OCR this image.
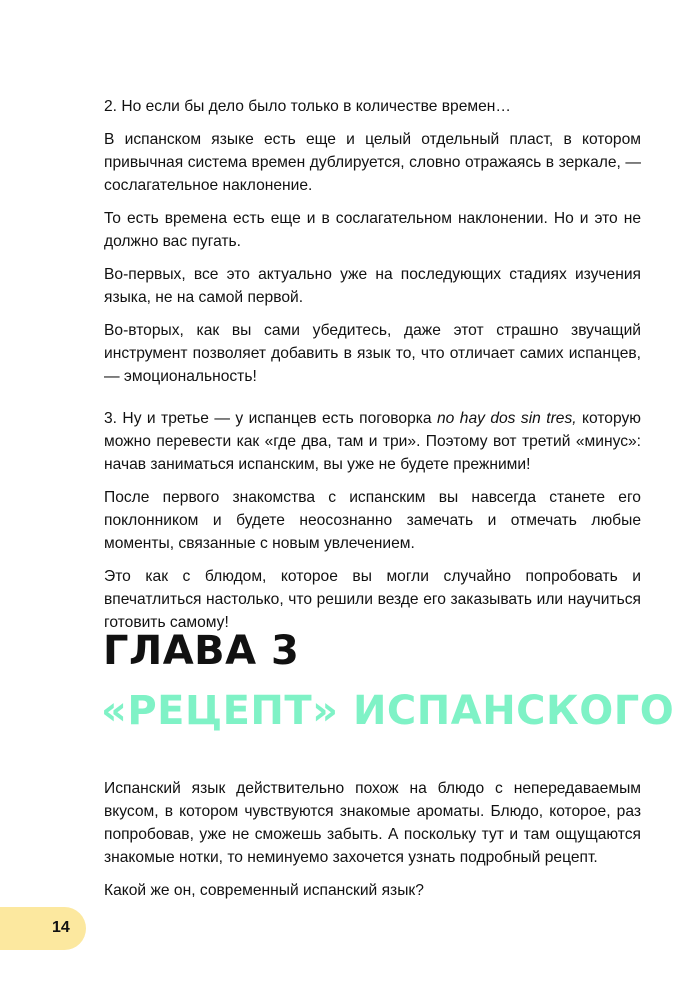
2. Но если бы дело было только в количестве времен…

В испанском языке есть еще и целый отдельный пласт, в котором привычная система времен дублируется, словно отражаясь в зеркале, — сослагательное наклонение.

То есть времена есть еще и в сослагательном наклонении. Но и это не должно вас пугать.

Во-первых, все это актуально уже на последующих стадиях изучения языка, не на самой первой.

Во-вторых, как вы сами убедитесь, даже этот страшно звучащий инструмент позволяет добавить в язык то, что отличает самих испанцев, — эмоциональность!

3. Ну и третье — у испанцев есть поговорка no hay dos sin tres, которую можно перевести как «где два, там и три». Поэтому вот третий «минус»: начав заниматься испанским, вы уже не будете прежними!

После первого знакомства с испанским вы навсегда станете его поклонником и будете неосознанно замечать и отмечать любые моменты, связанные с новым увлечением.

Это как с блюдом, которое вы могли случайно попробовать и впечатлиться настолько, что решили везде его заказывать или научиться готовить самому!

ГЛАВА 3
«РЕЦЕПТ» ИСПАНСКОГО

Испанский язык действительно похож на блюдо с непередаваемым вкусом, в котором чувствуются знакомые ароматы. Блюдо, которое, раз попробовав, уже не сможешь забыть. А поскольку тут и там ощущаются знакомые нотки, то неминуемо захочется узнать подробный рецепт.

Какой же он, современный испанский язык?

14
